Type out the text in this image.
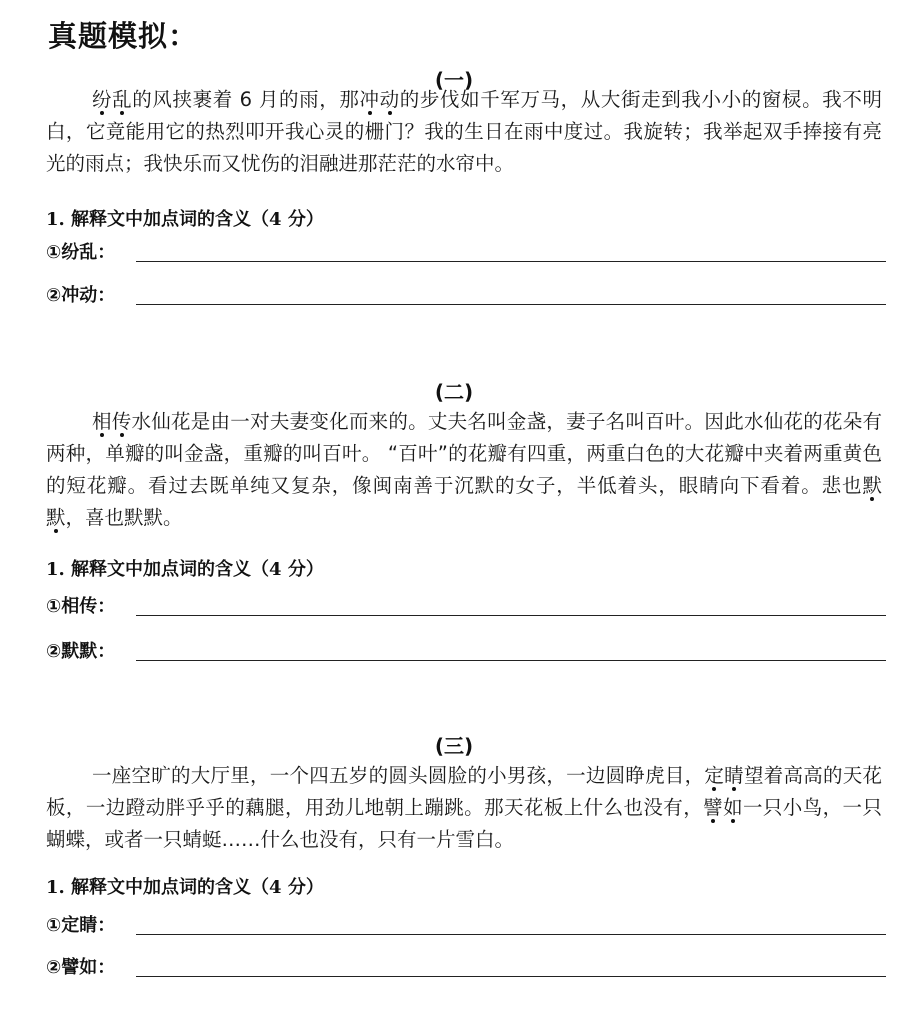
真题模拟：
(一)

纷乱的风挟裹着 6 月的雨，那冲动的步伐如千军万马，从大街走到我小小的窗棂。我不明白，它竟能用它的热烈叩开我心灵的栅门？我的生日在雨中度过。我旋转；我举起双手捧接有亮光的雨点；我快乐而又忧伤的泪融进那茫茫的水帘中。

1. 解释文中加点词的含义（4 分）
①纷乱：
②冲动：
(二)

相传水仙花是由一对夫妻变化而来的。丈夫名叫金盏，妻子名叫百叶。因此水仙花的花朵有两种，单瓣的叫金盏，重瓣的叫百叶。 “百叶”的花瓣有四重，两重白色的大花瓣中夹着两重黄色的短花瓣。看过去既单纯又复杂，像闽南善于沉默的女子，半低着头，眼睛向下看着。悲也默默，喜也默默。

1. 解释文中加点词的含义（4 分）
①相传：
②默默：
(三)

一座空旷的大厅里，一个四五岁的圆头圆脸的小男孩，一边圆睁虎目，定睛望着高高的天花板，一边蹬动胖乎乎的藕腿，用劲儿地朝上蹦跳。那天花板上什么也没有，譬如一只小鸟，一只蝴蝶，或者一只蜻蜓……什么也没有，只有一片雪白。

1. 解释文中加点词的含义（4 分）
①定睛：
②譬如：
